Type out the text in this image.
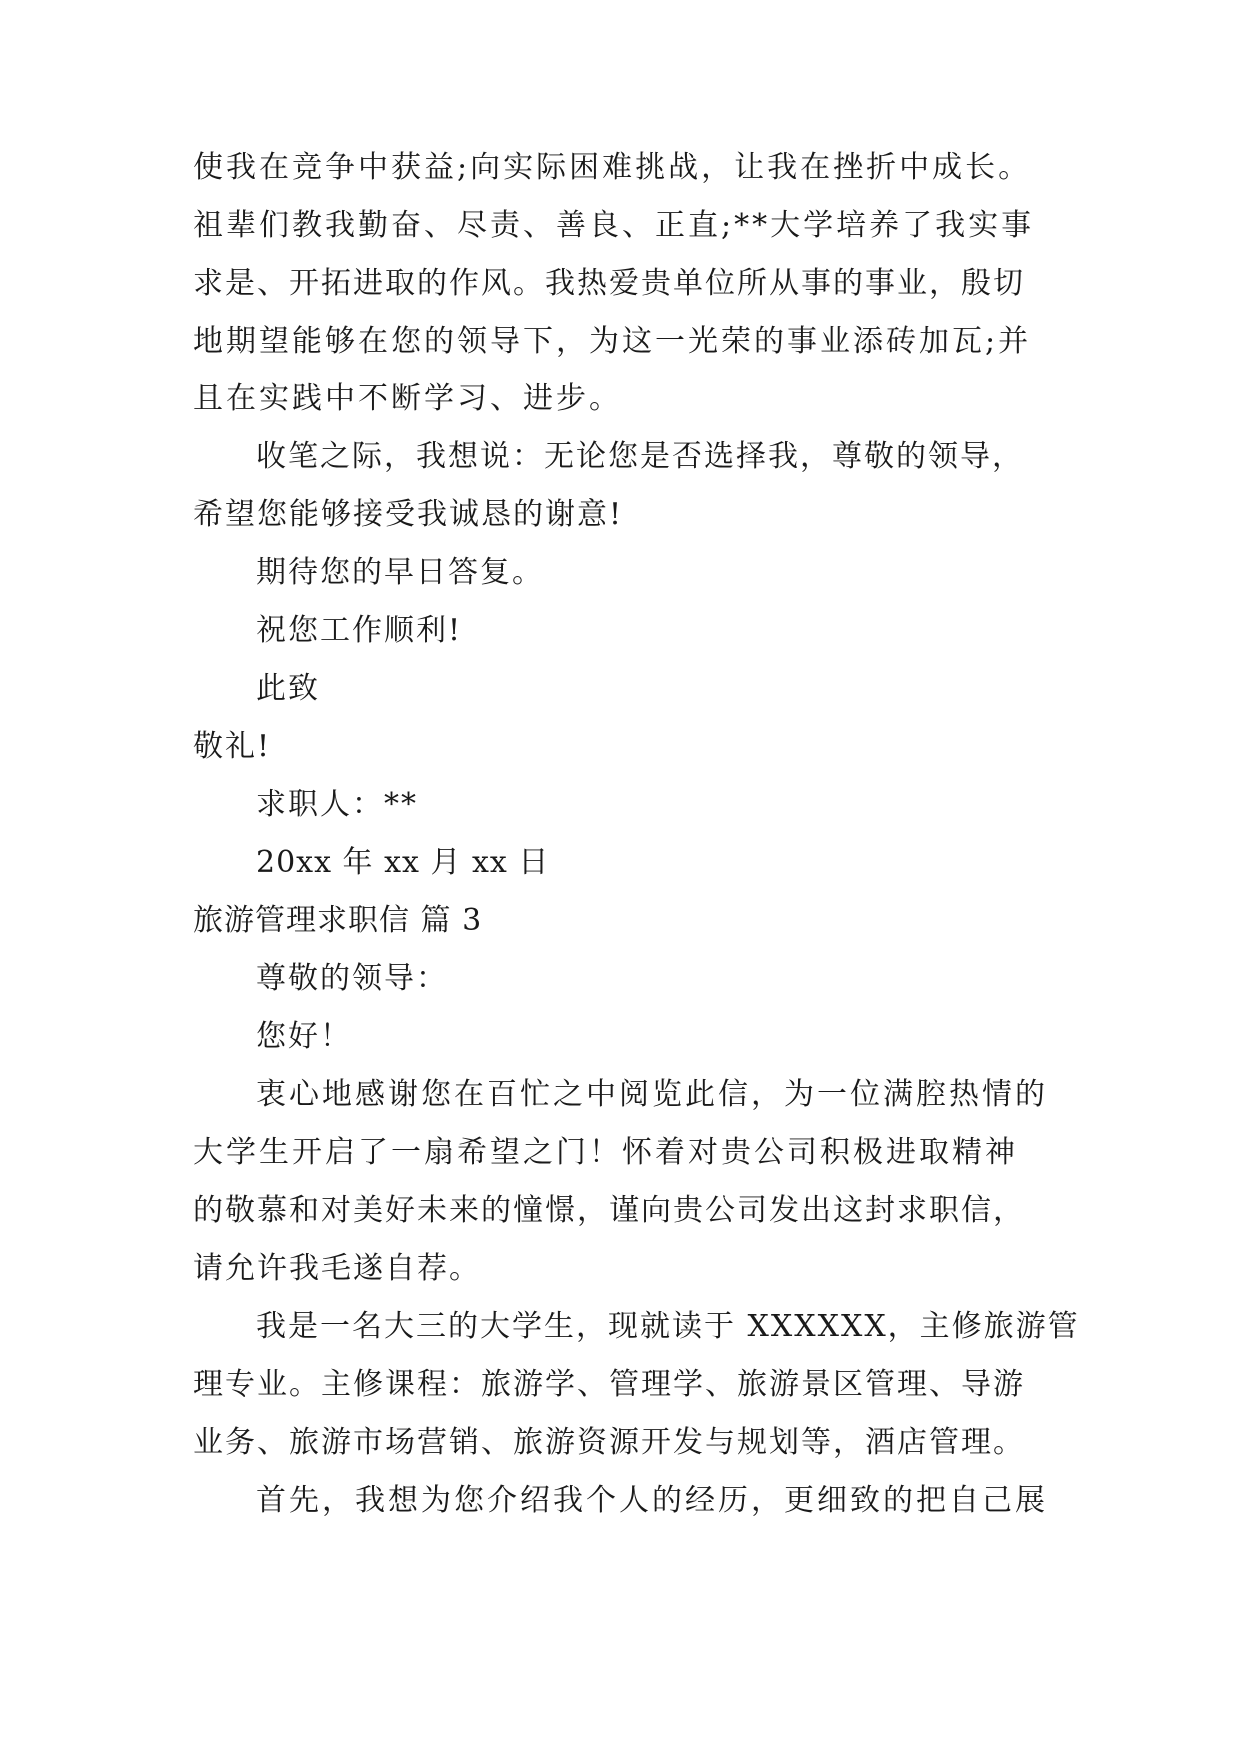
使我在竞争中获益;向实际困难挑战，让我在挫折中成长。
祖辈们教我勤奋、尽责、善良、正直;**大学培养了我实事
求是、开拓进取的作风。我热爱贵单位所从事的事业，殷切
地期望能够在您的领导下，为这一光荣的事业添砖加瓦;并
且在实践中不断学习、进步。
收笔之际，我想说：无论您是否选择我，尊敬的领导，
希望您能够接受我诚恳的谢意!
期待您的早日答复。
祝您工作顺利!
此致
敬礼!
求职人：**
20xx 年 xx 月 xx 日
旅游管理求职信 篇 3
尊敬的领导：
您好！
衷心地感谢您在百忙之中阅览此信，为一位满腔热情的
大学生开启了一扇希望之门！怀着对贵公司积极进取精神
的敬慕和对美好未来的憧憬，谨向贵公司发出这封求职信，
请允许我毛遂自荐。
我是一名大三的大学生，现就读于 XXXXXX，主修旅游管
理专业。主修课程：旅游学、管理学、旅游景区管理、导游
业务、旅游市场营销、旅游资源开发与规划等，酒店管理。
首先，我想为您介绍我个人的经历，更细致的把自己展
